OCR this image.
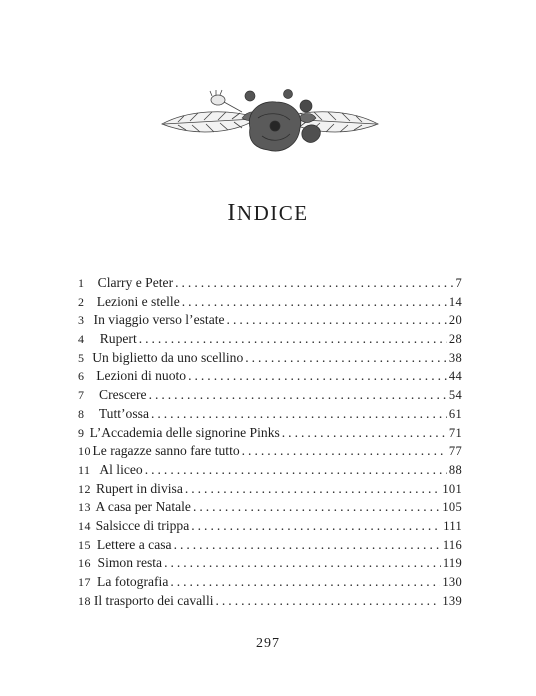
INDICE
1 Clarry e Peter . . .	7
2 Lezioni e stelle . . .	14
3 In viaggio verso l’estate . . .	20
4	Rupert . . .	28
5 Un biglietto da uno scellino . . .	38
6 Lezioni di nuoto . . .	44
7	Crescere . . .	54
8	Tutt’ossa . . .	61
9 L’Accademia delle signorine Pinks . . .	71
10 Le ragazze sanno fare tutto . . .	77
11 Al liceo . . .	88
12 Rupert in divisa . . .	101
13 A casa per Natale . . .	105
14 Salsicce di trippa . . .	111
15 Lettere a casa . . .	116
16 Simon resta . . .	119
17 La fotografia . . .	130
18 Il trasporto dei cavalli . . .	139
297
